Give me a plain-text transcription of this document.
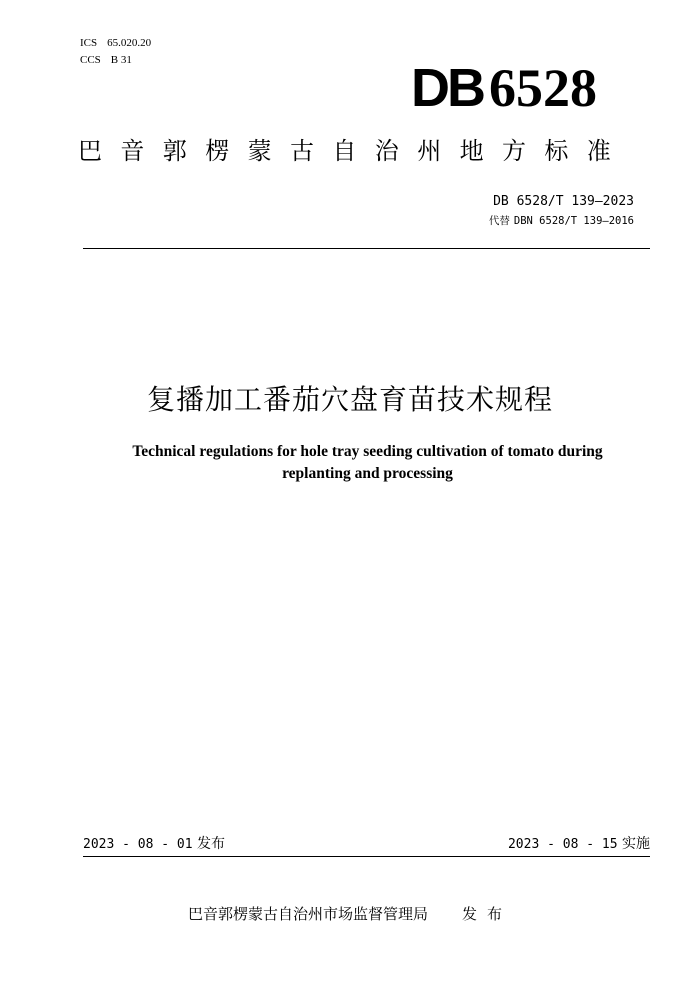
ICS 65.020.20
CCS B 31	DB 6528
巴音郭楞蒙古自治州地方标准
DB 6528/T 139—2023
代替 DBN 6528/T 139—2016
复播加工番茄穴盘育苗技术规程
Technical regulations for hole tray seeding cultivation of tomato during
replanting and processing
2023 - 08 - 01 发布	2023 - 08 - 15 实施
巴音郭楞蒙古自治州市场监督管理局 发布
